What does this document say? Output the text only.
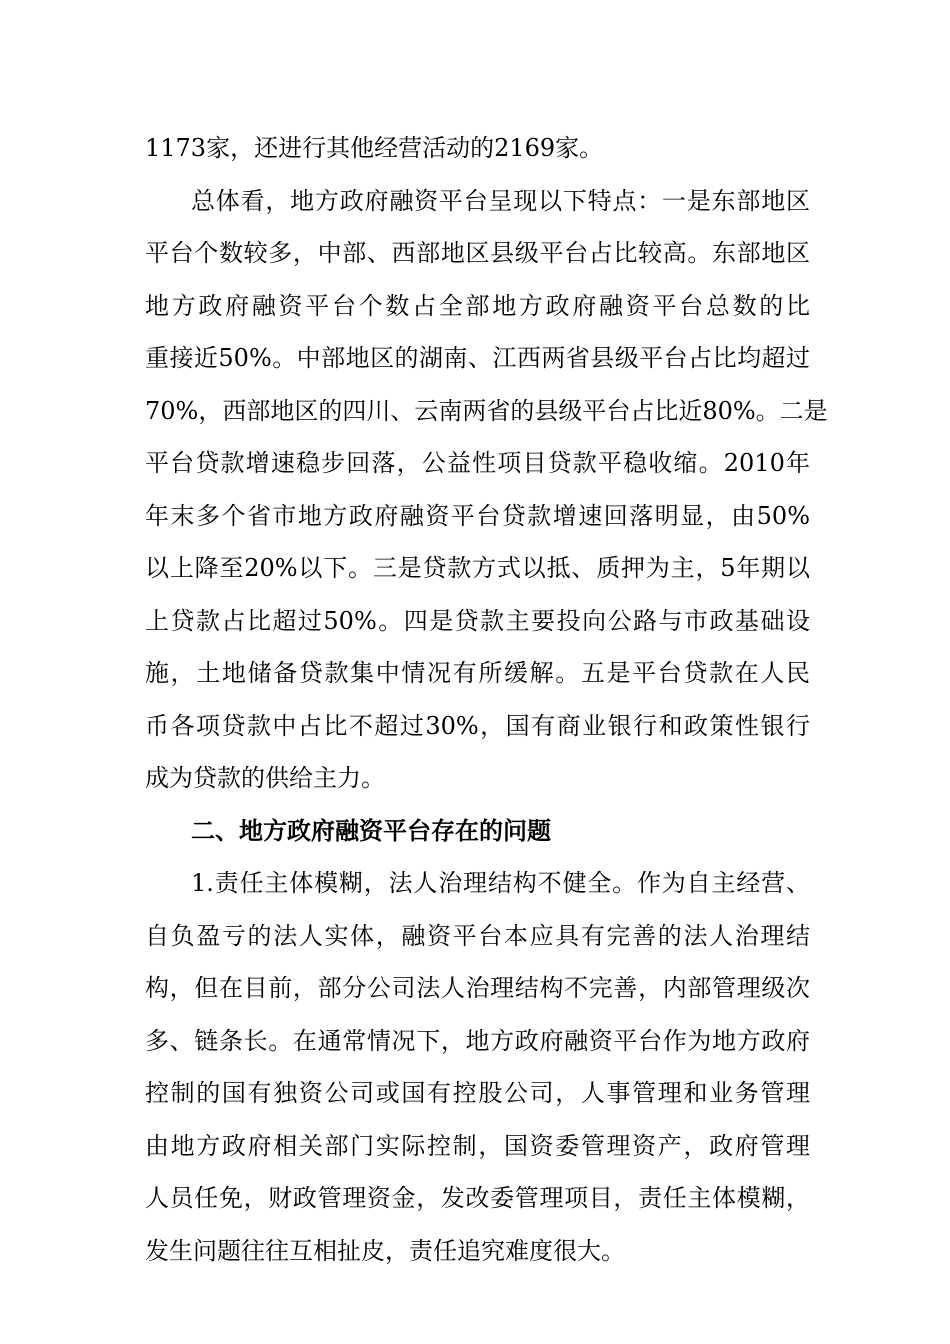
1173家，还进行其他经营活动的2169家。
总体看，地方政府融资平台呈现以下特点：一是东部地区
平台个数较多，中部、西部地区县级平台占比较高。东部地区
地方政府融资平台个数占全部地方政府融资平台总数的比
重接近50%。中部地区的湖南、江西两省县级平台占比均超过
70%，西部地区的四川、云南两省的县级平台占比近80%。二是
平台贷款增速稳步回落，公益性项目贷款平稳收缩。2010年
年末多个省市地方政府融资平台贷款增速回落明显，由50%
以上降至20%以下。三是贷款方式以抵、质押为主，5年期以
上贷款占比超过50%。四是贷款主要投向公路与市政基础设
施，土地储备贷款集中情况有所缓解。五是平台贷款在人民
币各项贷款中占比不超过30%，国有商业银行和政策性银行
成为贷款的供给主力。
二、地方政府融资平台存在的问题
1.责任主体模糊，法人治理结构不健全。作为自主经营、
自负盈亏的法人实体，融资平台本应具有完善的法人治理结
构，但在目前，部分公司法人治理结构不完善，内部管理级次
多、链条长。在通常情况下，地方政府融资平台作为地方政府
控制的国有独资公司或国有控股公司，人事管理和业务管理
由地方政府相关部门实际控制，国资委管理资产，政府管理
人员任免，财政管理资金，发改委管理项目，责任主体模糊，
发生问题往往互相扯皮，责任追究难度很大。
